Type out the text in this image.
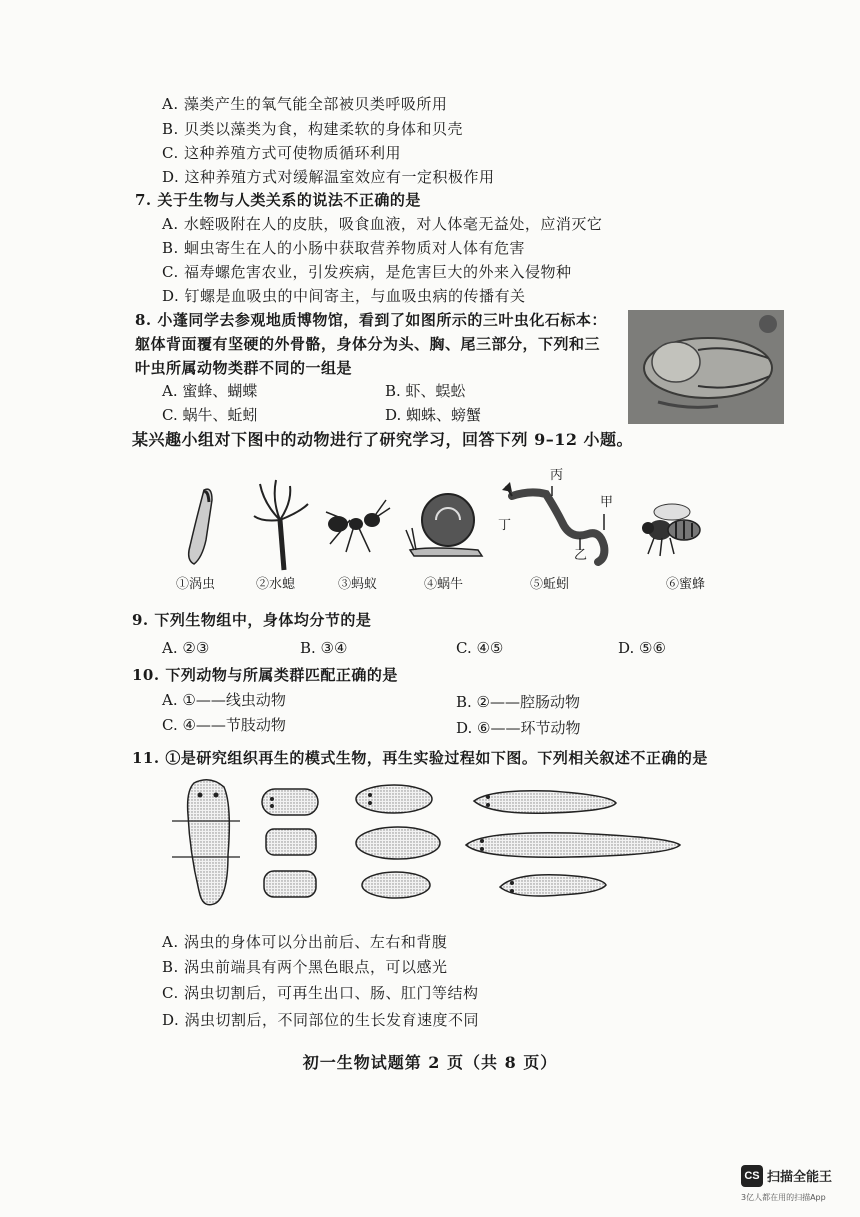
A. 藻类产生的氧气能全部被贝类呼吸所用
B. 贝类以藻类为食，构建柔软的身体和贝壳
C. 这种养殖方式可使物质循环利用
D. 这种养殖方式对缓解温室效应有一定积极作用
7. 关于生物与人类关系的说法不正确的是
A. 水蛭吸附在人的皮肤，吸食血液，对人体毫无益处，应消灭它
B. 蛔虫寄生在人的小肠中获取营养物质对人体有危害
C. 福寿螺危害农业，引发疾病，是危害巨大的外来入侵物种
D. 钉螺是血吸虫的中间寄主，与血吸虫病的传播有关
8. 小蓬同学去参观地质博物馆，看到了如图所示的三叶虫化石标本：
躯体背面覆有坚硬的外骨骼，身体分为头、胸、尾三部分，下列和三
叶虫所属动物类群不同的一组是
A. 蜜蜂、蝴蝶	B. 虾、蜈蚣
C. 蜗牛、蚯蚓	D. 蜘蛛、螃蟹
某兴趣小组对下图中的动物进行了研究学习，回答下列 9–12 小题。
丙
甲
丁
乙
①涡虫	②水螅	③蚂蚁	④蜗牛	⑤蚯蚓	⑥蜜蜂
9. 下列生物组中，身体均分节的是
A. ②③	B. ③④	C. ④⑤	D. ⑤⑥
10. 下列动物与所属类群匹配正确的是
A. ①——线虫动物	B. ②——腔肠动物
C. ④——节肢动物	D. ⑥——环节动物
11. ①是研究组织再生的模式生物，再生实验过程如下图。下列相关叙述不正确的是
A. 涡虫的身体可以分出前后、左右和背腹
B. 涡虫前端具有两个黑色眼点，可以感光
C. 涡虫切割后，可再生出口、肠、肛门等结构
D. 涡虫切割后，不同部位的生长发育速度不同
初一生物试题第 2 页（共 8 页）
CS 扫描全能王
3亿人都在用的扫描App
